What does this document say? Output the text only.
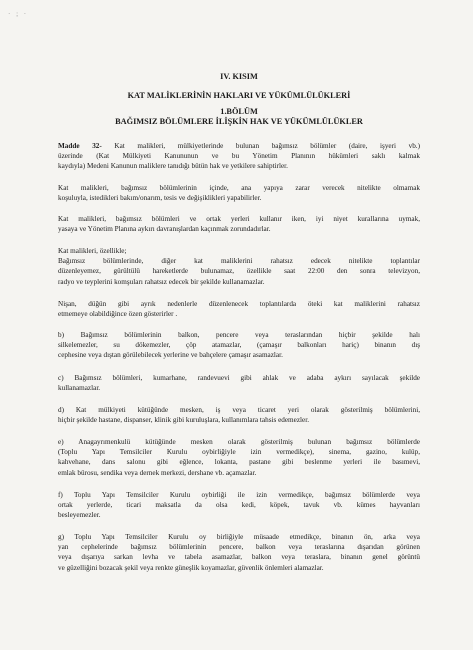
· ; ·
IV. KISIM
KAT MALİKLERİNİN HAKLARI VE YÜKÜMLÜLÜKLERİ
1.BÖLÜM
BAĞIMSIZ BÖLÜMLERE İLİŞKİN HAK VE YÜKÜMLÜLÜKLER
Madde 32- Kat malikleri, mülkiyetlerinde bulunan bağımsız bölümler (daire, işyeri vb.)
üzerinde (Kat Mülkiyeti Kanununun ve bu Yönetim Planının hükümleri saklı kalmak
kaydıyla) Medeni Kanunun maliklere tanıdığı bütün hak ve yetkilere sahiptirler.
Kat malikleri, bağımsız bölümlerinin içinde, ana yapıya zarar verecek nitelikte olmamak
koşuluyla, istedikleri bakım/onarım, tesis ve değişiklikleri yapabilirler.
Kat malikleri, bağımsız bölümleri ve ortak yerleri kullanır iken, iyi niyet kurallarına uymak,
yasaya ve Yönetim Planına aykırı davranışlardan kaçınmak zorundadırlar.
Kat malikleri, özellikle;
Bağımsız bölümlerinde, diğer kat maliklerini rahatsız edecek nitelikte toplantılar
düzenleyemez, gürültülü hareketlerde bulunamaz, özellikle saat 22:00 den sonra televizyon,
radyo ve teyplerini komşuları rahatsız edecek bir şekilde kullanamazlar.
Nişan, düğün gibi ayrık nedenlerle düzenlenecek toplantılarda öteki kat maliklerini rahatsız
etmemeye olabildiğince özen gösterirler .
b) Bağımsız bölümlerinin balkon, pencere veya teraslarından hiçbir şekilde halı
silkelemezler, su dökemezler, çöp atamazlar, (çamaşır balkonları hariç) binanın dış
cephesine veya dıştan görülebilecek yerlerine ve bahçelere çamaşır asamazlar.
c) Bağımsız bölümleri, kumarhane, randevuevi gibi ahlak ve adaba aykırı sayılacak şekilde
kullanamazlar.
d) Kat mülkiyeti kütüğünde mesken, iş veya ticaret yeri olarak gösterilmiş bölümlerini,
hiçbir şekilde hastane, dispanser, klinik gibi kuruluşlara, kullanımlara tahsis edemezler.
e) Anagayrımenkulü kütüğünde mesken olarak gösterilmiş bulunan bağımsız bölümlerde
(Toplu Yapı Temsilciler Kurulu oybirliğiyle izin vermedikçe), sinema, gazino, kulüp,
kahvehane, dans salonu gibi eğlence, lokanta, pastane gibi beslenme yerleri ile basımevi,
emlak bürosu, sendika veya dernek merkezi, dershane vb. açamazlar.
f) Toplu Yapı Temsilciler Kurulu oybirliği ile izin vermedikçe, bağımsız bölümlerde veya
ortak yerlerde, ticari maksatla da olsa kedi, köpek, tavuk vb. kümes hayvanları
besleyemezler.
g) Toplu Yapı Temsilciler Kurulu oy birliğiyle müsaade etmedikçe, binanın ön, arka veya
yan cephelerinde bağımsız bölümlerinin pencere, balkon veya teraslarına dışarıdan görünen
veya dışarıya sarkan levha ve tabela asamazlar, balkon veya teraslara, binanın genel görüntü
ve güzelliğini bozacak şekil veya renkte güneşlik koyamazlar, güvenlik önlemleri alamazlar.
